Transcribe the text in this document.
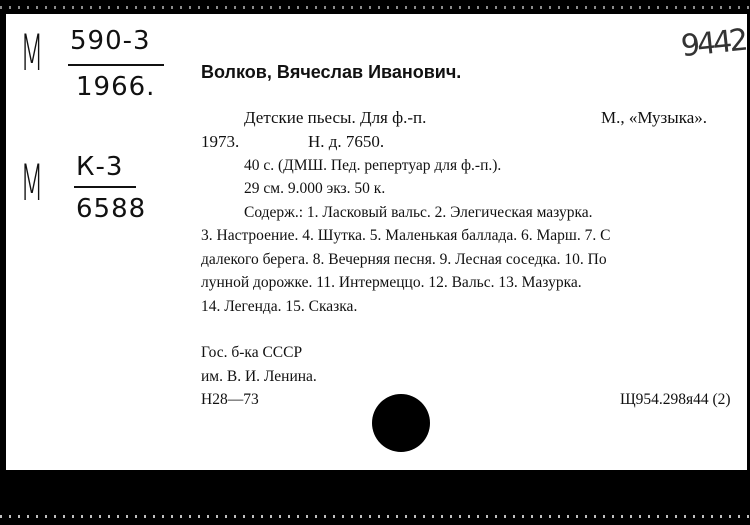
М 590-3
1966.
М К-3
6588
9442
Волков, Вячеслав Иванович.
Детские пьесы. Для ф.-п.	М., «Музыка».
1973.	Н. д. 7650.
40 с. (ДМШ. Пед. репертуар для ф.-п.).
29 см. 9.000 экз. 50 к.
Содерж.: 1. Ласковый вальс. 2. Элегическая мазурка.
3. Настроение. 4. Шутка. 5. Маленькая баллада. 6. Марш. 7. С
далекого берега. 8. Вечерняя песня. 9. Лесная соседка. 10. По
лунной дорожке. 11. Интермеццо. 12. Вальс. 13. Мазурка.
14. Легенда. 15. Сказка.
Гос. б-ка СССР
им. В. И. Ленина.
Н28—73	Щ954.298я44 (2)
